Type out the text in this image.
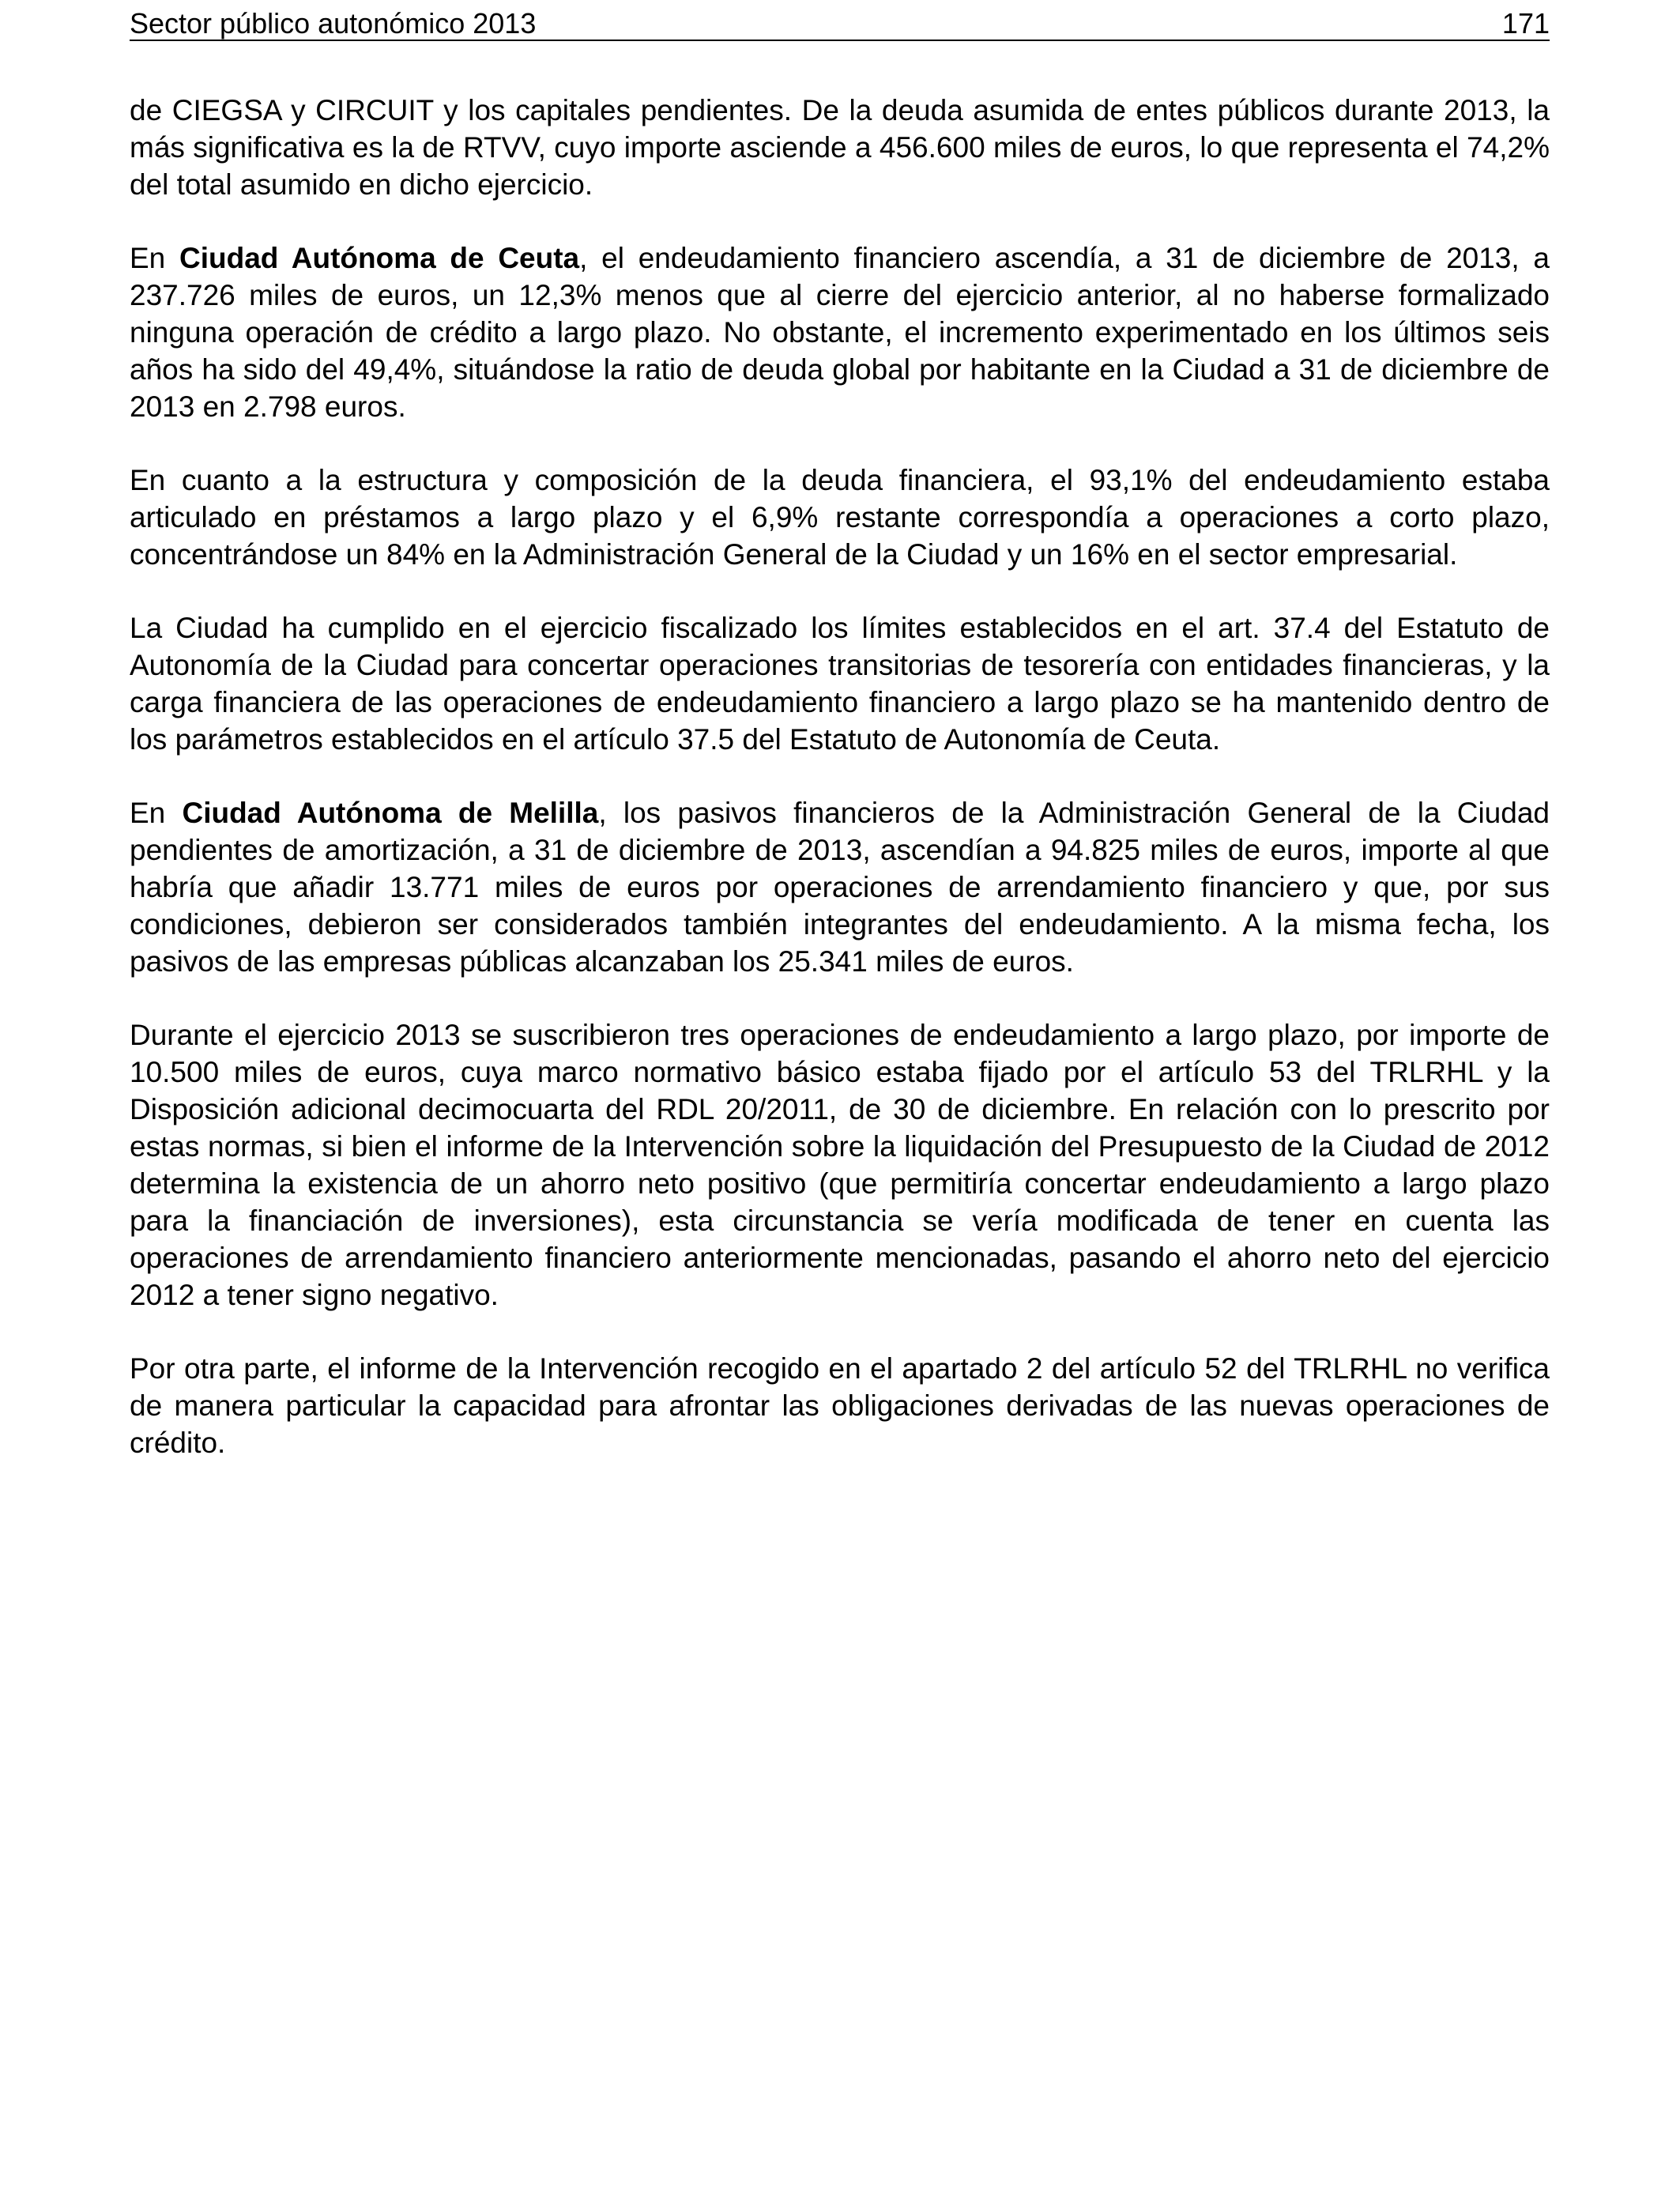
Sector público autonómico 2013	171

de CIEGSA y CIRCUIT y los capitales pendientes. De la deuda asumida de entes públicos durante 2013, la más significativa es la de RTVV, cuyo importe asciende a 456.600 miles de euros, lo que representa el 74,2% del total asumido en dicho ejercicio.

En Ciudad Autónoma de Ceuta, el endeudamiento financiero ascendía, a 31 de diciembre de 2013, a 237.726 miles de euros, un 12,3% menos que al cierre del ejercicio anterior, al no haberse formalizado ninguna operación de crédito a largo plazo. No obstante, el incremento experimentado en los últimos seis años ha sido del 49,4%, situándose la ratio de deuda global por habitante en la Ciudad a 31 de diciembre de 2013 en 2.798 euros.

En cuanto a la estructura y composición de la deuda financiera, el 93,1% del endeudamiento estaba articulado en préstamos a largo plazo y el 6,9% restante correspondía a operaciones a corto plazo, concentrándose un 84% en la Administración General de la Ciudad y un 16% en el sector empresarial.

La Ciudad ha cumplido en el ejercicio fiscalizado los límites establecidos en el art. 37.4 del Estatuto de Autonomía de la Ciudad para concertar operaciones transitorias de tesorería con entidades financieras, y la carga financiera de las operaciones de endeudamiento financiero a largo plazo se ha mantenido dentro de los parámetros establecidos en el artículo 37.5 del Estatuto de Autonomía de Ceuta.

En Ciudad Autónoma de Melilla, los pasivos financieros de la Administración General de la Ciudad pendientes de amortización, a 31 de diciembre de 2013, ascendían a 94.825 miles de euros, importe al que habría que añadir 13.771 miles de euros por operaciones de arrendamiento financiero y que, por sus condiciones, debieron ser considerados también integrantes del endeudamiento. A la misma fecha, los pasivos de las empresas públicas alcanzaban los 25.341 miles de euros.

Durante el ejercicio 2013 se suscribieron tres operaciones de endeudamiento a largo plazo, por importe de 10.500 miles de euros, cuya marco normativo básico estaba fijado por el artículo 53 del TRLRHL y la Disposición adicional decimocuarta del RDL 20/2011, de 30 de diciembre. En relación con lo prescrito por estas normas, si bien el informe de la Intervención sobre la liquidación del Presupuesto de la Ciudad de 2012 determina la existencia de un ahorro neto positivo (que permitiría concertar endeudamiento a largo plazo para la financiación de inversiones), esta circunstancia se vería modificada de tener en cuenta las operaciones de arrendamiento financiero anteriormente mencionadas, pasando el ahorro neto del ejercicio 2012 a tener signo negativo.

Por otra parte, el informe de la Intervención recogido en el apartado 2 del artículo 52 del TRLRHL no verifica de manera particular la capacidad para afrontar las obligaciones derivadas de las nuevas operaciones de crédito.
